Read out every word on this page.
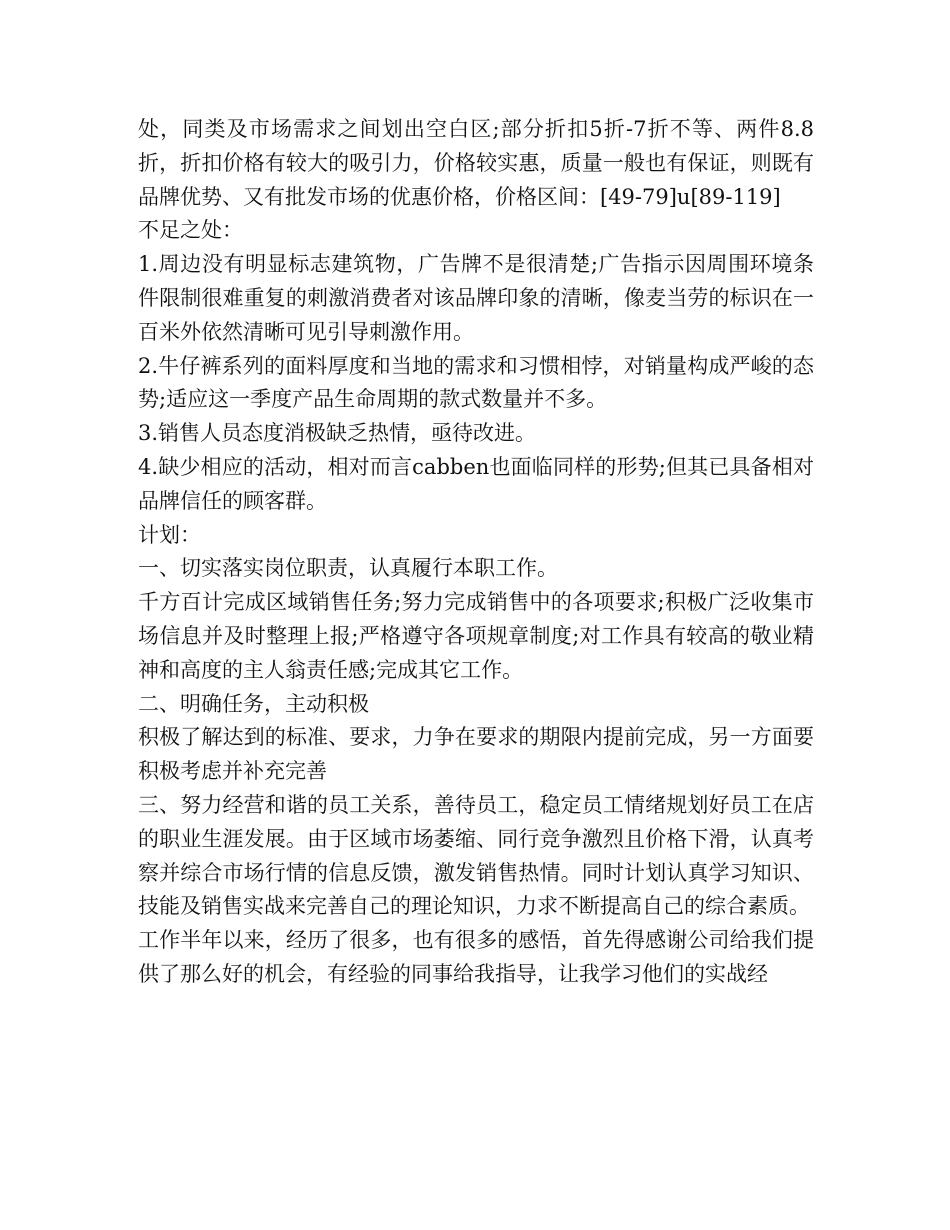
处，同类及市场需求之间划出空白区;部分折扣5折-7折不等、两件8.8折，折扣价格有较大的吸引力，价格较实惠，质量一般也有保证，则既有品牌优势、又有批发市场的优惠价格，价格区间：[49-79]u[89-119]

不足之处：

1.周边没有明显标志建筑物，广告牌不是很清楚;广告指示因周围环境条件限制很难重复的刺激消费者对该品牌印象的清晰，像麦当劳的标识在一百米外依然清晰可见引导刺激作用。

2.牛仔裤系列的面料厚度和当地的需求和习惯相悖，对销量构成严峻的态势;适应这一季度产品生命周期的款式数量并不多。

3.销售人员态度消极缺乏热情，亟待改进。

4.缺少相应的活动，相对而言cabben也面临同样的形势;但其已具备相对品牌信任的顾客群。

计划：

一、切实落实岗位职责，认真履行本职工作。

千方百计完成区域销售任务;努力完成销售中的各项要求;积极广泛收集市场信息并及时整理上报;严格遵守各项规章制度;对工作具有较高的敬业精神和高度的主人翁责任感;完成其它工作。

二、明确任务，主动积极

积极了解达到的标准、要求，力争在要求的期限内提前完成，另一方面要积极考虑并补充完善

三、努力经营和谐的员工关系，善待员工，稳定员工情绪规划好员工在店的职业生涯发展。由于区域市场萎缩、同行竞争激烈且价格下滑，认真考察并综合市场行情的信息反馈，激发销售热情。同时计划认真学习知识、技能及销售实战来完善自己的理论知识，力求不断提高自己的综合素质。

工作半年以来，经历了很多，也有很多的感悟，首先得感谢公司给我们提供了那么好的机会，有经验的同事给我指导，让我学习他们的实战经
